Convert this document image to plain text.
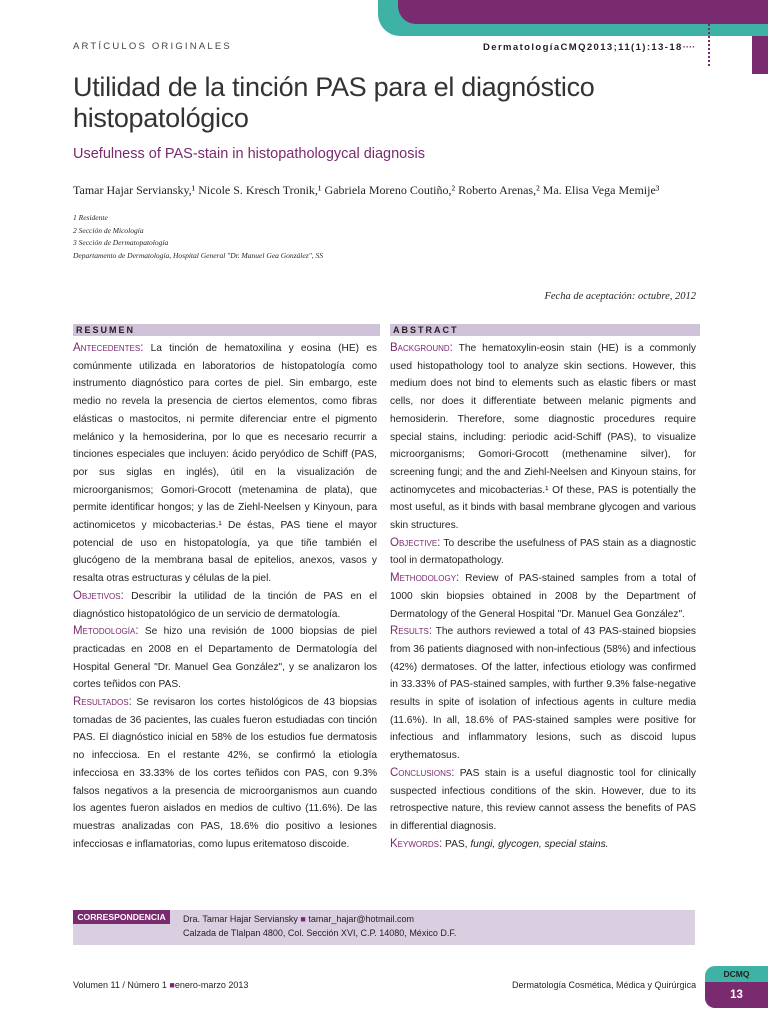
ARTÍCULOS ORIGINALES	DermatologíaCMQ2013;11(1):13-18····
Utilidad de la tinción PAS para el diagnóstico histopatológico
Usefulness of PAS-stain in histopathologycal diagnosis
Tamar Hajar Serviansky,¹ Nicole S. Kresch Tronik,¹ Gabriela Moreno Coutiño,² Roberto Arenas,² Ma. Elisa Vega Memije³
1 Residente
2 Sección de Micología
3 Sección de Dermatopatología
Departamento de Dermatología, Hospital General "Dr. Manuel Gea González", SS
Fecha de aceptación: octubre, 2012
RESUMEN	ABSTRACT

Antecedentes: La tinción de hematoxilina y eosina (HE) es comúnmente utilizada en laboratorios de histopatología como instrumento diagnóstico para cortes de piel. Sin embargo, este medio no revela la presencia de ciertos elementos, como fibras elásticas o mastocitos, ni permite diferenciar entre el pigmento melánico y la hemosiderina, por lo que es necesario recurrir a tinciones especiales que incluyen: ácido peryódico de Schiff (PAS, por sus siglas en inglés), útil en la visualización de microorganismos; Gomori-Grocott (metenamina de plata), que permite identificar hongos; y las de Ziehl-Neelsen y Kinyoun, para actinomicetos y micobacterias.¹ De éstas, PAS tiene el mayor potencial de uso en histopatología, ya que tiñe también el glucógeno de la membrana basal de epitelios, anexos, vasos y resalta otras estructuras y células de la piel.

Objetivos: Describir la utilidad de la tinción de PAS en el diagnóstico histopatológico de un servicio de dermatología.

Metodología: Se hizo una revisión de 1000 biopsias de piel practicadas en 2008 en el Departamento de Dermatología del Hospital General "Dr. Manuel Gea González", y se analizaron los cortes teñidos con PAS.

Resultados: Se revisaron los cortes histológicos de 43 biopsias tomadas de 36 pacientes, las cuales fueron estudiadas con tinción PAS. El diagnóstico inicial en 58% de los estudios fue dermatosis no infecciosa. En el restante 42%, se confirmó la etiología infecciosa en 33.33% de los cortes teñidos con PAS, con 9.3% falsos negativos a la presencia de microorganismos aun cuando los agentes fueron aislados en medios de cultivo (11.6%). De las muestras analizadas con PAS, 18.6% dio positivo a lesiones infecciosas e inflamatorias, como lupus eritematoso discoide.

Background: The hematoxylin-eosin stain (HE) is a commonly used histopathology tool to analyze skin sections. However, this medium does not bind to elements such as elastic fibers or mast cells, nor does it differentiate between melanic pigments and hemosiderin. Therefore, some diagnostic procedures require special stains, including: periodic acid-Schiff (PAS), to visualize microorganisms; Gomori-Grocott (methenamine silver), for screening fungi; and the and Ziehl-Neelsen and Kinyoun stains, for actinomycetes and micobacterias.¹ Of these, PAS is potentially the most useful, as it binds with basal membrane glycogen and various skin structures.

Objective: To describe the usefulness of PAS stain as a diagnostic tool in dermatopathology.

Methodology: Review of PAS-stained samples from a total of 1000 skin biopsies obtained in 2008 by the Department of Dermatology of the General Hospital "Dr. Manuel Gea González".

Results: The authors reviewed a total of 43 PAS-stained biopsies from 36 patients diagnosed with non-infectious (58%) and infectious (42%) dermatoses. Of the latter, infectious etiology was confirmed in 33.33% of PAS-stained samples, with further 9.3% false-negative results in spite of isolation of infectious agents in culture media (11.6%). In all, 18.6% of PAS-stained samples were positive for infectious and inflammatory lesions, such as discoid lupus erythematosus.

Conclusions: PAS stain is a useful diagnostic tool for clinically suspected infectious conditions of the skin. However, due to its retrospective nature, this review cannot assess the benefits of PAS in differential diagnosis.

Keywords: PAS, fungi, glycogen, special stains.

CORRESPONDENCIA	Dra. Tamar Hajar Serviansky ■ tamar_hajar@hotmail.com
Calzada de Tlalpan 4800, Col. Sección XVI, C.P. 14080, México D.F.
Volumen 11 / Número 1 ■enero-marzo 2013	Dermatología Cosmética, Médica y Quirúrgica
DCMQ
13
